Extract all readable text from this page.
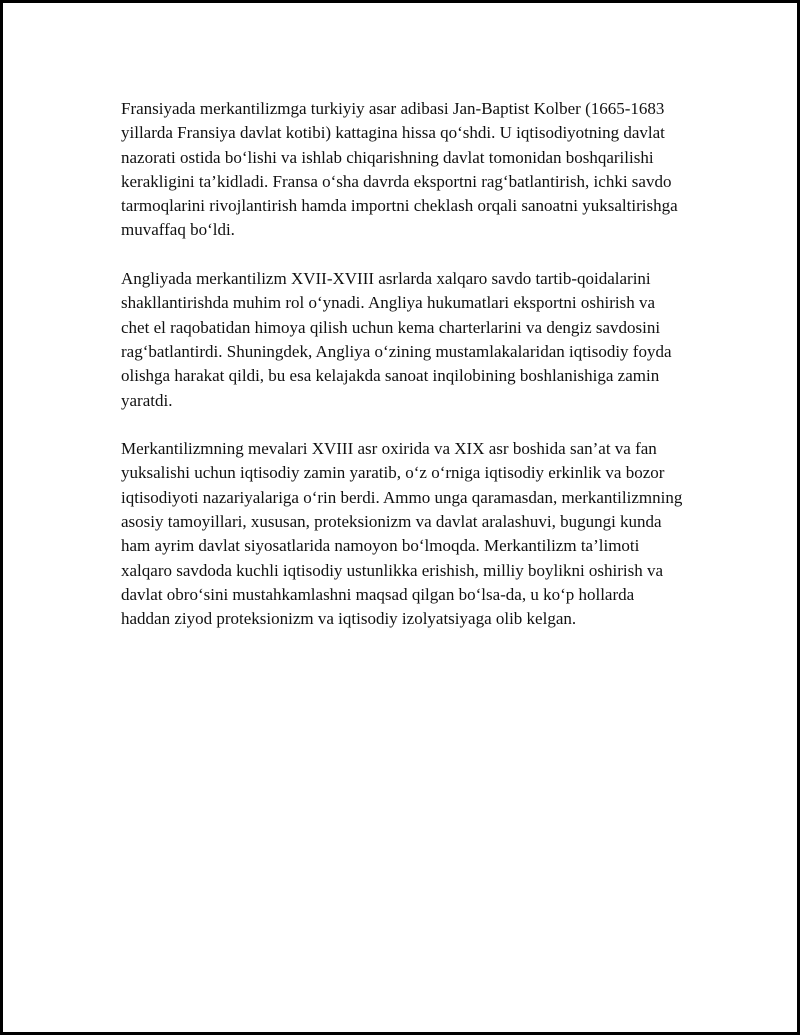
Fransiyada merkantilizmga turkiyiy asar adibasi Jan-Baptist Kolber (1665-1683 yillarda Fransiya davlat kotibi) kattagina hissa qo‘shdi. U iqtisodiyotning davlat nazorati ostida bo‘lishi va ishlab chiqarishning davlat tomonidan boshqarilishi kerakligini ta’kidladi. Fransa o‘sha davrda eksportni rag‘batlantirish, ichki savdo tarmoqlarini rivojlantirish hamda importni cheklash orqali sanoatni yuksaltirishga muvaffaq bo‘ldi.

Angliyada merkantilizm XVII-XVIII asrlarda xalqaro savdo tartib-qoidalarini shakllantirishda muhim rol o‘ynadi. Angliya hukumatlari eksportni oshirish va chet el raqobatidan himoya qilish uchun kema charterlarini va dengiz savdosini rag‘batlantirdi. Shuningdek, Angliya o‘zining mustamlakalaridan iqtisodiy foyda olishga harakat qildi, bu esa kelajakda sanoat inqilobining boshlanishiga zamin yaratdi.

Merkantilizmning mevalari XVIII asr oxirida va XIX asr boshida san’at va fan yuksalishi uchun iqtisodiy zamin yaratib, o‘z o‘rniga iqtisodiy erkinlik va bozor iqtisodiyoti nazariyalariga o‘rin berdi. Ammo unga qaramasdan, merkantilizmning asosiy tamoyillari, xususan, proteksionizm va davlat aralashuvi, bugungi kunda ham ayrim davlat siyosatlarida namoyon bo‘lmoqda. Merkantilizm ta’limoti xalqaro savdoda kuchli iqtisodiy ustunlikka erishish, milliy boylikni oshirish va davlat obro‘sini mustahkamlashni maqsad qilgan bo‘lsa-da, u ko‘p hollarda haddan ziyod proteksionizm va iqtisodiy izolyatsiyaga olib kelgan.
